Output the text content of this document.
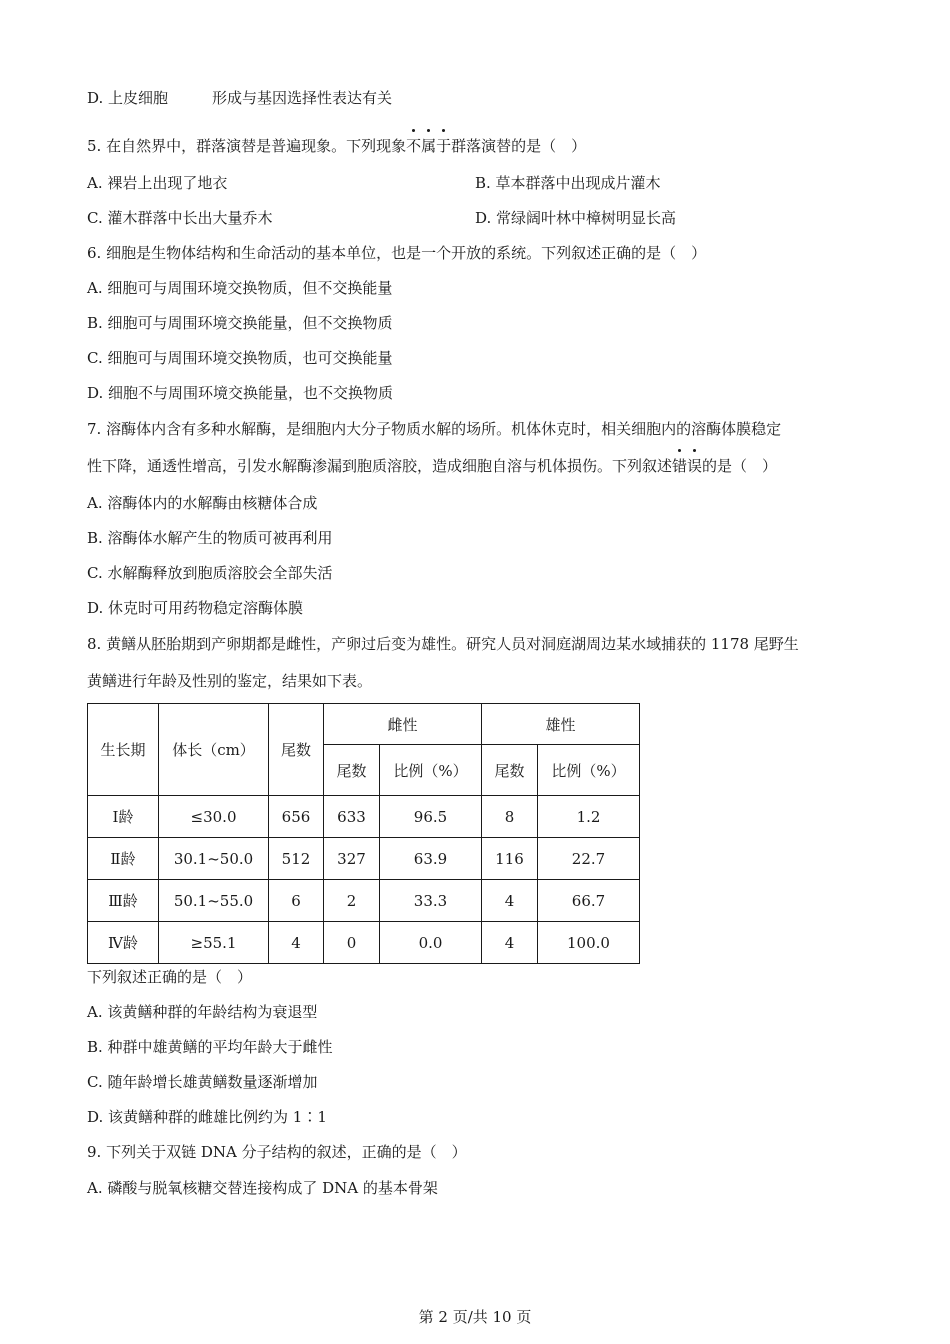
D. 上皮细胞	形成与基因选择性表达有关
5. 在自然界中，群落演替是普遍现象。下列现象不属于群落演替的是（　）
A. 裸岩上出现了地衣	B. 草本群落中出现成片灌木
C. 灌木群落中长出大量乔木	D. 常绿阔叶林中樟树明显长高
6. 细胞是生物体结构和生命活动的基本单位，也是一个开放的系统。下列叙述正确的是（　）
A. 细胞可与周围环境交换物质，但不交换能量
B. 细胞可与周围环境交换能量，但不交换物质
C. 细胞可与周围环境交换物质，也可交换能量
D. 细胞不与周围环境交换能量，也不交换物质
7. 溶酶体内含有多种水解酶，是细胞内大分子物质水解的场所。机体休克时，相关细胞内的溶酶体膜稳定
性下降，通透性增高，引发水解酶渗漏到胞质溶胶，造成细胞自溶与机体损伤。下列叙述错误的是（　）
A. 溶酶体内的水解酶由核糖体合成
B. 溶酶体水解产生的物质可被再利用
C. 水解酶释放到胞质溶胶会全部失活
D. 休克时可用药物稳定溶酶体膜
8. 黄鳝从胚胎期到产卵期都是雌性，产卵过后变为雄性。研究人员对洞庭湖周边某水域捕获的 1178 尾野生
黄鳝进行年龄及性别的鉴定，结果如下表。
生长期	体长（cm）	尾数	雌性		雄性	
			尾数	比例（%）	尾数	比例（%）
Ⅰ龄	≤30.0	656	633	96.5	8	1.2
Ⅱ龄	30.1~50.0	512	327	63.9	116	22.7
Ⅲ龄	50.1~55.0	6	2	33.3	4	66.7
Ⅳ龄	≥55.1	4	0	0.0	4	100.0
下列叙述正确的是（　）
A. 该黄鳝种群的年龄结构为衰退型
B. 种群中雄黄鳝的平均年龄大于雌性
C. 随年龄增长雄黄鳝数量逐渐增加
D. 该黄鳝种群的雌雄比例约为 1∶1
9. 下列关于双链 DNA 分子结构的叙述，正确的是（　）
A. 磷酸与脱氧核糖交替连接构成了 DNA 的基本骨架
第 2 页/共 10 页
